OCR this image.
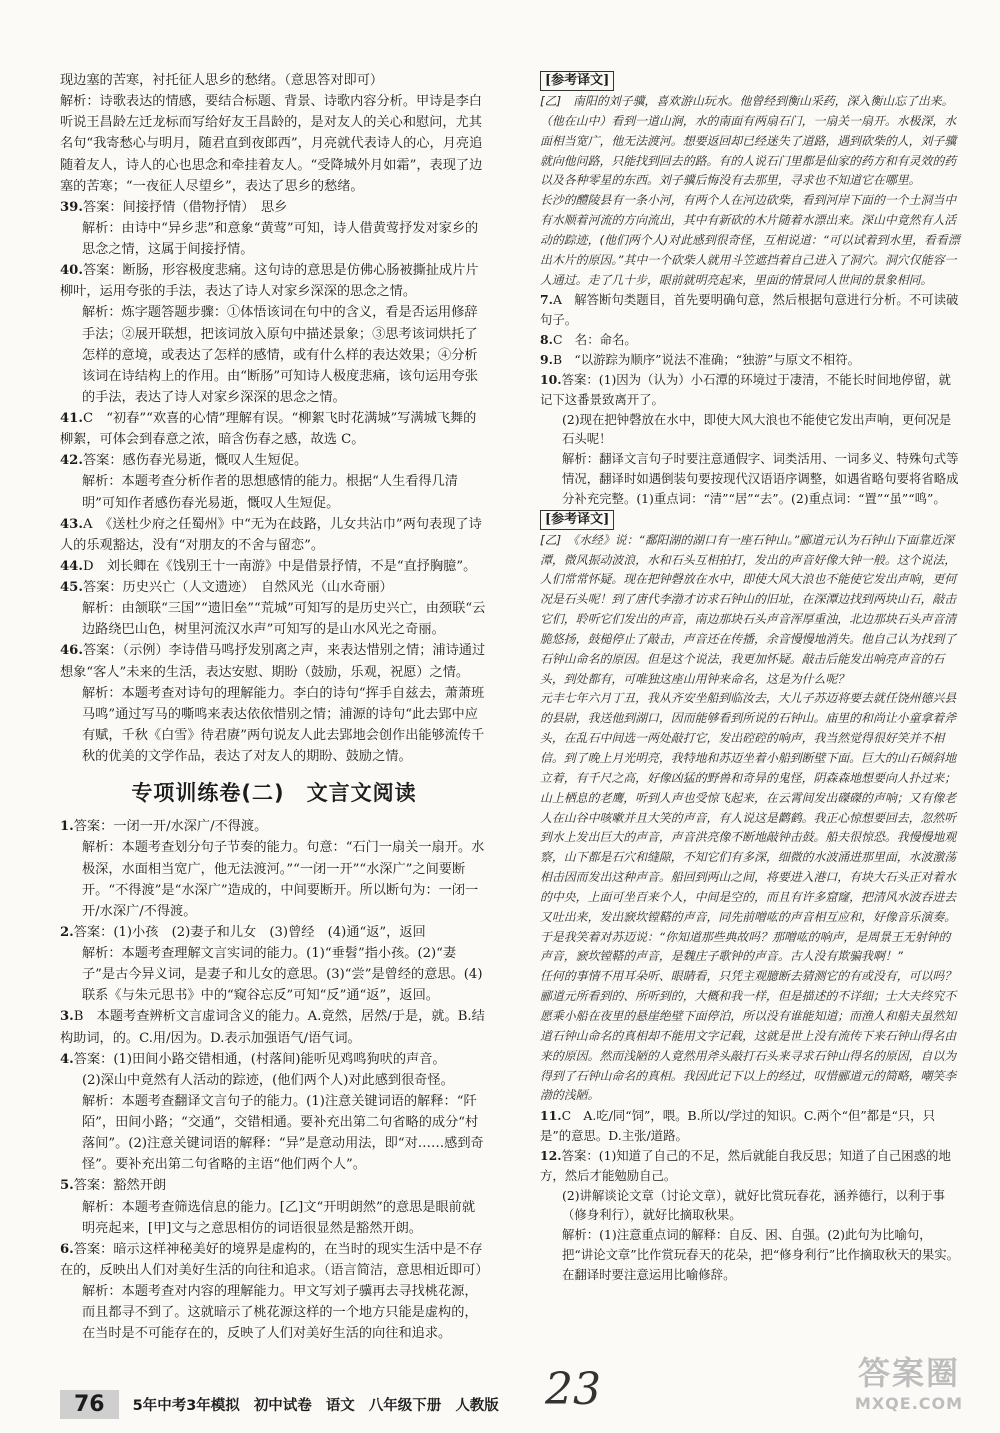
现边塞的苦寒，衬托征人思乡的愁绪。（意思答对即可）

解析：诗歌表达的情感，要结合标题、背景、诗歌内容分析。甲诗是李白听说王昌龄左迁龙标而写给好友王昌龄的，是对友人的关心和慰问，尤其名句“我寄愁心与明月，随君直到夜郎西”，月亮就代表诗人的心，月亮追随着友人，诗人的心也思念和牵挂着友人。“受降城外月如霜”，表现了边塞的苦寒；“一夜征人尽望乡”，表达了思乡的愁绪。

39.答案：间接抒情（借物抒情）　思乡

解析：由诗中“异乡悲”和意象“黄莺”可知，诗人借黄莺抒发对家乡的思念之情，这属于间接抒情。

40.答案：断肠，形容极度悲痛。这句诗的意思是仿佛心肠被撕扯成片片柳叶，运用夸张的手法，表达了诗人对家乡深深的思念之情。

解析：炼字题答题步骤：①体悟该词在句中的含义，看是否运用修辞手法；②展开联想，把该词放入原句中描述景象；③思考该词烘托了怎样的意境，或表达了怎样的感情，或有什么样的表达效果；④分析该词在诗结构上的作用。由“断肠”可知诗人极度悲痛，该句运用夸张的手法，表达了诗人对家乡深深的思念之情。

41.C　“初春”“欢喜的心情”理解有误。“柳絮飞时花满城”写满城飞舞的柳絮，可体会到春意之浓，暗含伤春之感，故选 C。

42.答案：感伤春光易逝，慨叹人生短促。

解析：本题考查分析作者的思想感情的能力。根据“人生看得几清明”可知作者感伤春光易逝，慨叹人生短促。

43.A　《送杜少府之任蜀州》中“无为在歧路，儿女共沾巾”两句表现了诗人的乐观豁达，没有“对朋友的不舍与留恋”。

44.D　刘长卿在《饯别王十一南游》中是借景抒情，不是“直抒胸臆”。

45.答案：历史兴亡（人文遗迹）　自然风光（山水奇丽）

解析：由颔联“三国”“遗旧垒”“荒城”可知写的是历史兴亡，由颈联“云边路绕巴山色，树里河流汉水声”可知写的是山水风光之奇丽。

46.答案：（示例）李诗借马鸣抒发别离之声，来表达惜别之情；浦诗通过想象“客人”未来的生活，表达安慰、期盼（鼓励，乐观，祝愿）之情。

解析：本题考查对诗句的理解能力。李白的诗句“挥手自兹去，萧萧班马鸣”通过写马的嘶鸣来表达依依惜别之情；浦源的诗句“此去郢中应有赋，千秋《白雪》待君赓”两句说友人此去郢地会创作出能够流传千秋的优美的文学作品，表达了对友人的期盼、鼓励之情。

专项训练卷(二)　文言文阅读

1.答案：一闭一开/水深广/不得渡。

解析：本题考查划分句子节奏的能力。句意：“石门一扇关一扇开。水极深，水面相当宽广，他无法渡河。”“一闭一开”“水深广”之间要断开。“不得渡”是“水深广”造成的，中间要断开。所以断句为：一闭一开/水深广/不得渡。

2.答案：(1)小孩　(2)妻子和儿女　(3)曾经　(4)通“返”，返回

解析：本题考查理解文言实词的能力。(1)“垂髫”指小孩。(2)“妻子”是古今异义词，是妻子和儿女的意思。(3)“尝”是曾经的意思。(4)联系《与朱元思书》中的“窥谷忘反”可知“反”通“返”，返回。

3.B　本题考查辨析文言虚词含义的能力。A.竟然，居然/于是，就。B.结构助词，的。C.用/因为。D.表示加强语气/语气词。

4.答案：(1)田间小路交错相通，(村落间)能听见鸡鸣狗吠的声音。

(2)深山中竟然有人活动的踪迹，(他们两个人)对此感到很奇怪。

解析：本题考查翻译文言句子的能力。(1)注意关键词语的解释：“阡陌”，田间小路；“交通”，交错相通。要补充出第二句省略的成分“村落间”。(2)注意关键词语的解释：“异”是意动用法，即“对……感到奇怪”。要补充出第二句省略的主语“他们两个人”。

5.答案：豁然开朗

解析：本题考查筛选信息的能力。[乙]文“开明朗然”的意思是眼前就明亮起来，[甲]文与之意思相仿的词语很显然是豁然开朗。

6.答案：暗示这样神秘美好的境界是虚构的，在当时的现实生活中是不存在的，反映出人们对美好生活的向往和追求。（语言简洁，意思相近即可）

解析：本题考查对内容的理解能力。甲文写刘子骥再去寻找桃花源，而且都寻不到了。这就暗示了桃花源这样的一个地方只能是虚构的，在当时是不可能存在的，反映了人们对美好生活的向往和追求。

[参考译文]

[乙]　南阳的刘子骥，喜欢游山玩水。他曾经到衡山采药，深入衡山忘了出来。（他在山中）看到一道山涧，水的南面有两扇石门，一扇关一扇开。水极深，水面相当宽广，他无法渡河。想要返回却已经迷失了道路，遇到砍柴的人，刘子骥就向他问路，只能找到回去的路。有的人说石门里都是仙家的药方和有灵效的药以及各种零星的东西。刘子骥后悔没有去那里，寻求也不知道它在哪里。

长沙的醴陵县有一条小河，有两个人在河边砍柴，看到河岸下面的一个土洞当中有水顺着河流的方向流出，其中有新砍的木片随着水漂出来。深山中竟然有人活动的踪迹，(他们两个人)对此感到很奇怪，互相说道：“可以试着到水里，看看漂出木片的原因。”其中一个砍柴人就用斗笠遮挡着自己进入了洞穴。洞穴仅能容一人通过。走了几十步，眼前就明亮起来，里面的情景同人世间的景象相同。

7.A　解答断句类题目，首先要明确句意，然后根据句意进行分析。不可读破句子。

8.C　名：命名。

9.B　“以游踪为顺序”说法不准确；“独游”与原文不相符。

10.答案：(1)因为（认为）小石潭的环境过于凄清，不能长时间地停留，就记下这番景致离开了。

(2)现在把钟磬放在水中，即使大风大浪也不能使它发出声响，更何况是石头呢！

解析：翻译文言句子时要注意通假字、词类活用、一词多义、特殊句式等情况，翻译时如遇倒装句要按现代汉语语序调整，如遇省略句要将省略成分补充完整。(1)重点词：“清”“居”“去”。(2)重点词：“置”“虽”“鸣”。

[参考译文]

[乙]　《水经》说：“鄱阳湖的湖口有一座石钟山。”郦道元认为石钟山下面靠近深潭，微风振动波浪，水和石头互相拍打，发出的声音好像大钟一般。这个说法，人们常常怀疑。现在把钟磬放在水中，即使大风大浪也不能使它发出声响，更何况是石头呢！到了唐代李渤才访求石钟山的旧址，在深潭边找到两块山石，敲击它们，聆听它们发出的声音，南边那块石头声音浑厚重浊，北边那块石头声音清脆悠扬，鼓槌停止了敲击，声音还在传播，余音慢慢地消失。他自己认为找到了石钟山命名的原因。但是这个说法，我更加怀疑。敲击后能发出响亮声音的石头，到处都有，可唯独这座山用钟来命名，这是为什么呢？

元丰七年六月丁丑，我从齐安坐船到临汝去，大儿子苏迈将要去就任饶州德兴县的县尉，我送他到湖口，因而能够看到所说的石钟山。庙里的和尚让小童拿着斧头，在乱石中间选一两处敲打它，发出硿硿的响声，我当然觉得很好笑并不相信。到了晚上月光明亮，我特地和苏迈坐着小船到断壁下面。巨大的山石倾斜地立着，有千尺之高，好像凶猛的野兽和奇异的鬼怪，阴森森地想要向人扑过来；山上栖息的老鹰，听到人声也受惊飞起来，在云霄间发出磔磔的声响；又有像老人在山谷中咳嗽并且大笑的声音，有人说这是鹳鹤。我正心惊想要回去，忽然听到水上发出巨大的声音，声音洪亮像不断地敲钟击鼓。船夫很惊恐。我慢慢地观察，山下都是石穴和缝隙，不知它们有多深，细微的水波涌进那里面，水波激荡相击因而发出这种声音。船回到两山之间，将要进入港口，有块大石头正对着水的中央，上面可坐百来个人，中间是空的，而且有许多窟窿，把清风水波吞进去又吐出来，发出窾坎镗鞳的声音，同先前噌吰的声音相互应和，好像音乐演奏。于是我笑着对苏迈说：“你知道那些典故吗？那噌吰的响声，是周景王无射钟的声音，窾坎镗鞳的声音，是魏庄子歌钟的声音。古人没有欺骗我啊！”

任何的事情不用耳朵听、眼睛看，只凭主观臆断去猜测它的有或没有，可以吗？郦道元所看到的、所听到的，大概和我一样，但是描述的不详细；士大夫终究不愿乘小船在夜里的悬崖绝壁下面停泊，所以没有谁能知道；而渔人和船夫虽然知道石钟山命名的真相却不能用文字记载，这就是世上没有流传下来石钟山得名由来的原因。然而浅陋的人竟然用斧头敲打石头来寻求石钟山得名的原因，自以为得到了石钟山命名的真相。我因此记下以上的经过，叹惜郦道元的简略，嘲笑李渤的浅陋。

11.C　A.吃/同“饲”，喂。B.所以/学过的知识。C.两个“但”都是“只，只是”的意思。D.主张/道路。

12.答案：(1)知道了自己的不足，然后就能自我反思；知道了自己困惑的地方，然后才能勉励自己。

(2)讲解谈论文章（讨论文章），就好比赏玩春花，涵养德行，以利于事（修身利行），就好比摘取秋果。

解析：(1)注意重点词的解释：自反、困、自强。(2)此句为比喻句，把“讲论文章”比作赏玩春天的花朵，把“修身利行”比作摘取秋天的果实。在翻译时要注意运用比喻修辞。

76	5年中考3年模拟 初中试卷 语文 八年级下册 人教版 23	答案圈
MXQE.COM
